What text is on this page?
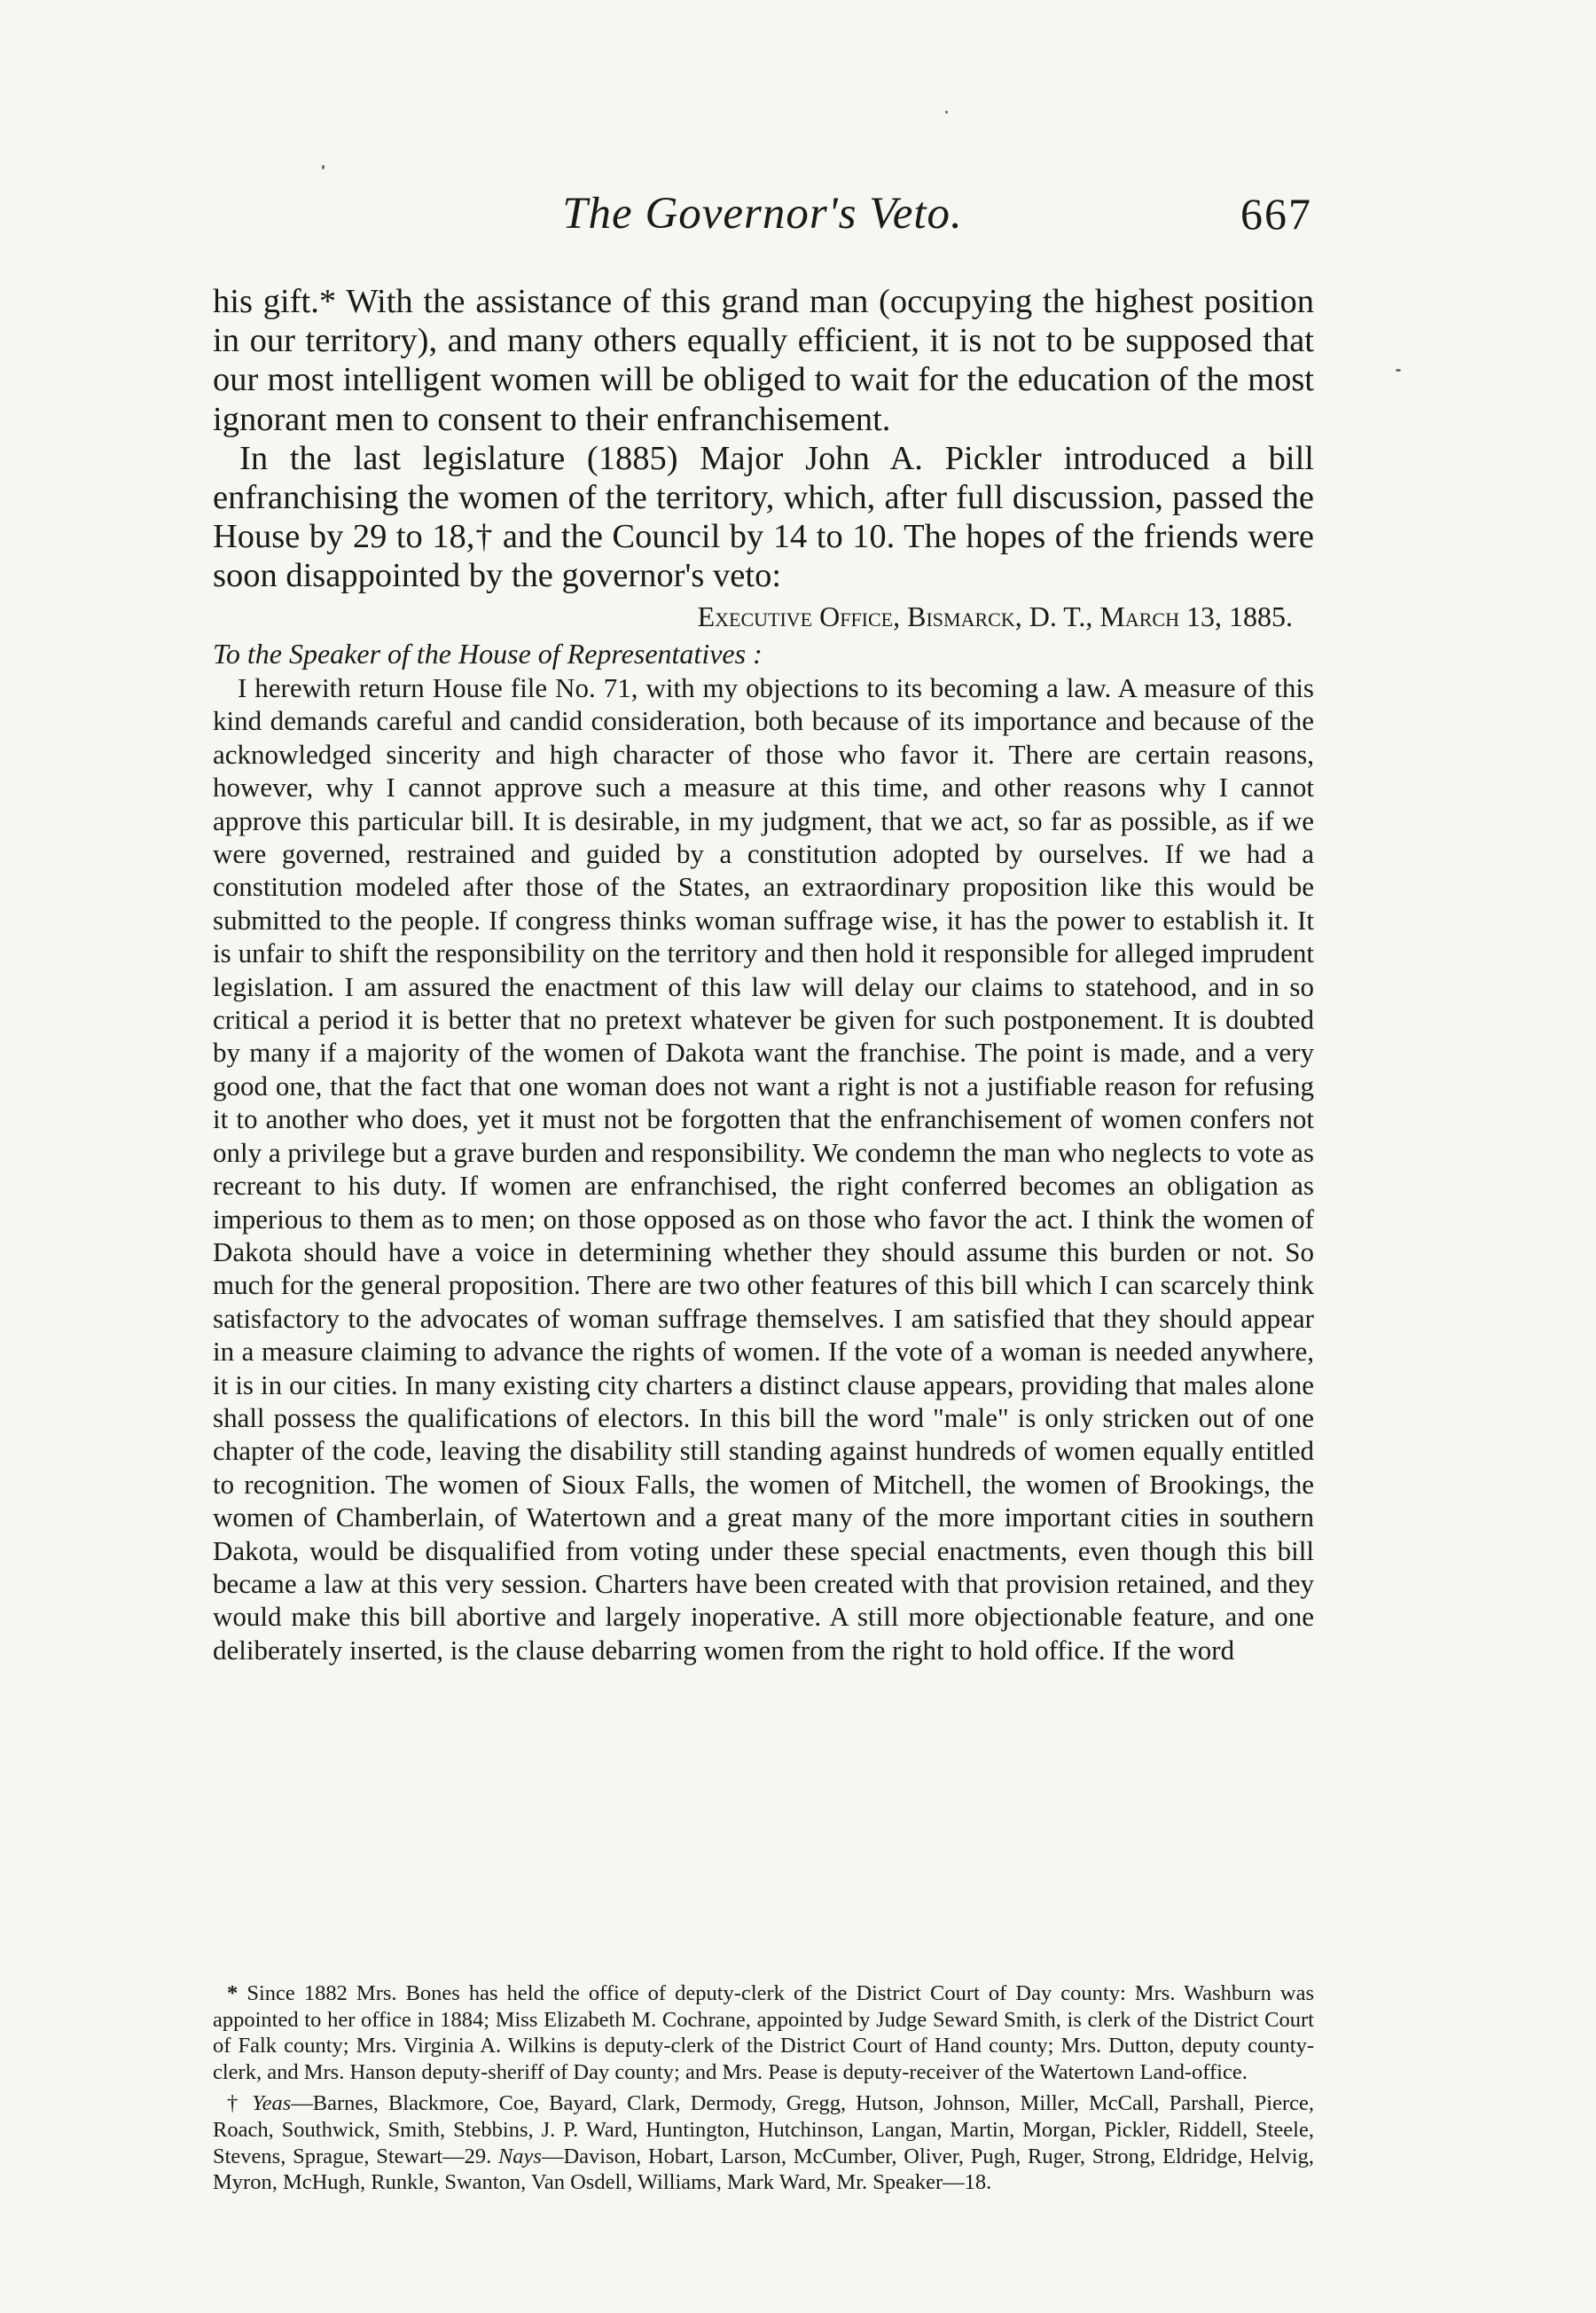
The Governor's Veto.	667

his gift.* With the assistance of this grand man (occupying the highest position in our territory), and many others equally efficient, it is not to be supposed that our most intelligent women will be obliged to wait for the education of the most ignorant men to consent to their enfranchisement.

In the last legislature (1885) Major John A. Pickler introduced a bill enfranchising the women of the territory, which, after full discussion, passed the House by 29 to 18,† and the Council by 14 to 10. The hopes of the friends were soon disappointed by the governor's veto:

Executive Office, Bismarck, D. T., March 13, 1885.
To the Speaker of the House of Representatives :

I herewith return House file No. 71, with my objections to its becoming a law. A measure of this kind demands careful and candid consideration, both because of its importance and because of the acknowledged sincerity and high character of those who favor it. There are certain reasons, however, why I cannot approve such a measure at this time, and other reasons why I cannot approve this particular bill. It is desirable, in my judgment, that we act, so far as possible, as if we were governed, restrained and guided by a constitution adopted by ourselves. If we had a constitution modeled after those of the States, an extraordinary proposition like this would be submitted to the people. If congress thinks woman suffrage wise, it has the power to establish it. It is unfair to shift the responsibility on the territory and then hold it responsible for alleged imprudent legislation. I am assured the enactment of this law will delay our claims to statehood, and in so critical a period it is better that no pretext whatever be given for such postponement. It is doubted by many if a majority of the women of Dakota want the franchise. The point is made, and a very good one, that the fact that one woman does not want a right is not a justifiable reason for refusing it to another who does, yet it must not be forgotten that the enfranchisement of women confers not only a privilege but a grave burden and responsibility. We condemn the man who neglects to vote as recreant to his duty. If women are enfranchised, the right conferred becomes an obligation as imperious to them as to men; on those opposed as on those who favor the act. I think the women of Dakota should have a voice in determining whether they should assume this burden or not. So much for the general proposition. There are two other features of this bill which I can scarcely think satisfactory to the advocates of woman suffrage themselves. I am satisfied that they should appear in a measure claiming to advance the rights of women. If the vote of a woman is needed anywhere, it is in our cities. In many existing city charters a distinct clause appears, providing that males alone shall possess the qualifications of electors. In this bill the word "male" is only stricken out of one chapter of the code, leaving the disability still standing against hundreds of women equally entitled to recognition. The women of Sioux Falls, the women of Mitchell, the women of Brookings, the women of Chamberlain, of Watertown and a great many of the more important cities in southern Dakota, would be disqualified from voting under these special enactments, even though this bill became a law at this very session. Charters have been created with that provision retained, and they would make this bill abortive and largely inoperative. A still more objectionable feature, and one deliberately inserted, is the clause debarring women from the right to hold office. If the word

* Since 1882 Mrs. Bones has held the office of deputy-clerk of the District Court of Day county: Mrs. Washburn was appointed to her office in 1884; Miss Elizabeth M. Cochrane, appointed by Judge Seward Smith, is clerk of the District Court of Falk county; Mrs. Virginia A. Wilkins is deputy-clerk of the District Court of Hand county; Mrs. Dutton, deputy county-clerk, and Mrs. Hanson deputy-sheriff of Day county; and Mrs. Pease is deputy-receiver of the Watertown Land-office.

† Yeas—Barnes, Blackmore, Coe, Bayard, Clark, Dermody, Gregg, Hutson, Johnson, Miller, McCall, Parshall, Pierce, Roach, Southwick, Smith, Stebbins, J. P. Ward, Huntington, Hutchinson, Langan, Martin, Morgan, Pickler, Riddell, Steele, Stevens, Sprague, Stewart—29. Nays—Davison, Hobart, Larson, McCumber, Oliver, Pugh, Ruger, Strong, Eldridge, Helvig, Myron, McHugh, Runkle, Swanton, Van Osdell, Williams, Mark Ward, Mr. Speaker—18.
